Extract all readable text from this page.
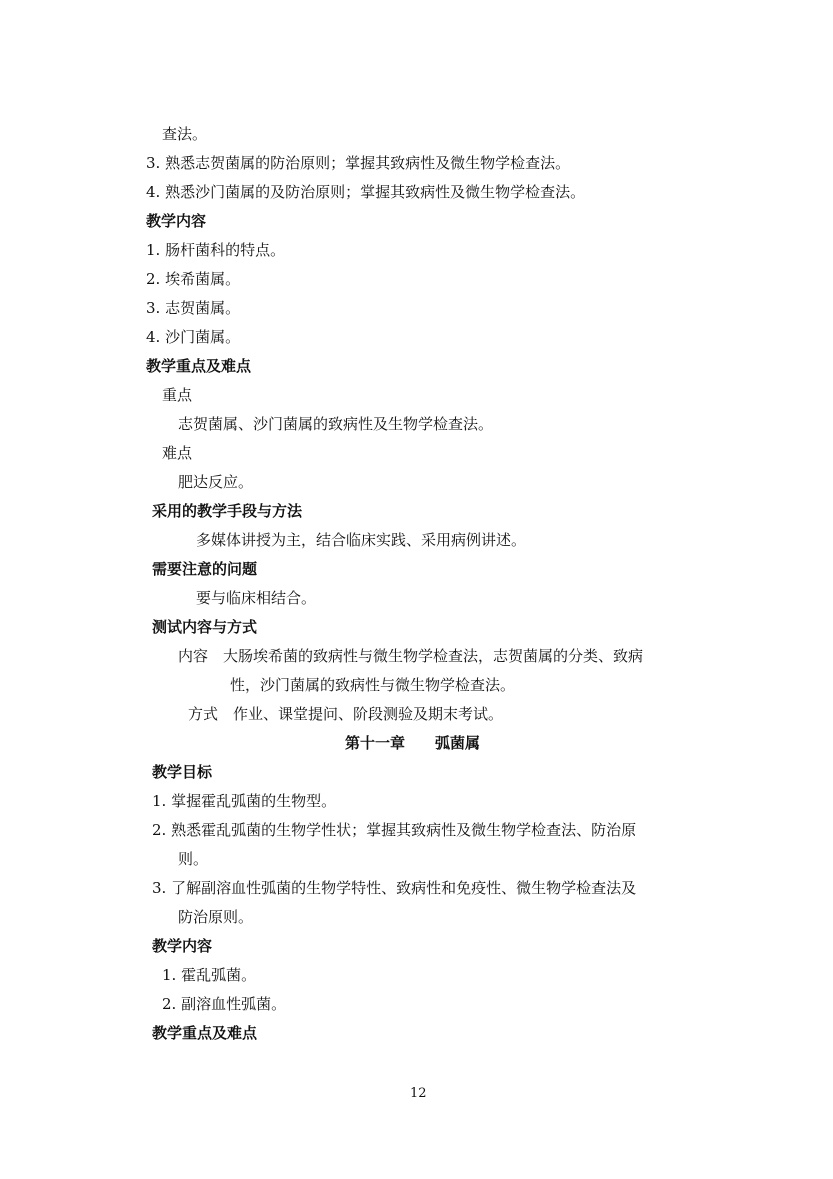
查法。
3. 熟悉志贺菌属的防治原则；掌握其致病性及微生物学检查法。
4. 熟悉沙门菌属的及防治原则；掌握其致病性及微生物学检查法。
教学内容
1. 肠杆菌科的特点。
2. 埃希菌属。
3. 志贺菌属。
4. 沙门菌属。
教学重点及难点
重点
志贺菌属、沙门菌属的致病性及生物学检查法。
难点
肥达反应。
采用的教学手段与方法
多媒体讲授为主，结合临床实践、采用病例讲述。
需要注意的问题
要与临床相结合。
测试内容与方式
内容　大肠埃希菌的致病性与微生物学检查法，志贺菌属的分类、致病
性，沙门菌属的致病性与微生物学检查法。
方式　作业、课堂提问、阶段测验及期末考试。
第十一章　　弧菌属
教学目标
1. 掌握霍乱弧菌的生物型。
2. 熟悉霍乱弧菌的生物学性状；掌握其致病性及微生物学检查法、防治原
则。
3. 了解副溶血性弧菌的生物学特性、致病性和免疫性、微生物学检查法及
防治原则。
教学内容
1. 霍乱弧菌。
2. 副溶血性弧菌。
教学重点及难点
12
